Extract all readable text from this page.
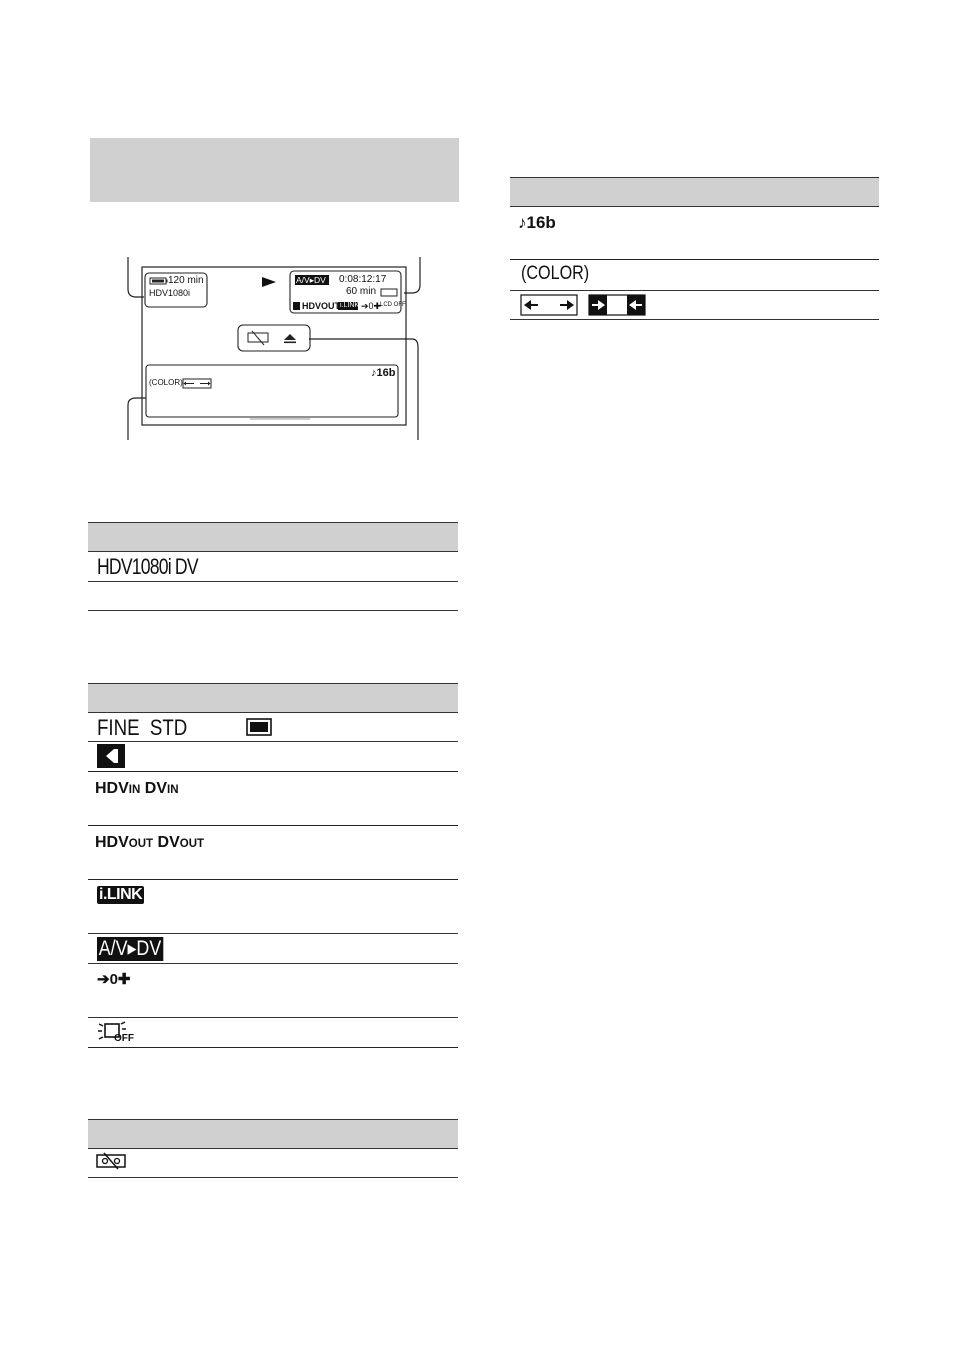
120 min
HDV1080i
A/V▸DV 0:08:12:17
60 min
HDVOUT i.LINK ➔0✚
LCD OFF
♪16b
(COLOR)
HDV1080i DV
FINE STD
HDVIN DVIN
HDVOUT DVOUT
i.LINK
A/V▸DV
➔0✚
OFF
♪16b
(COLOR)
